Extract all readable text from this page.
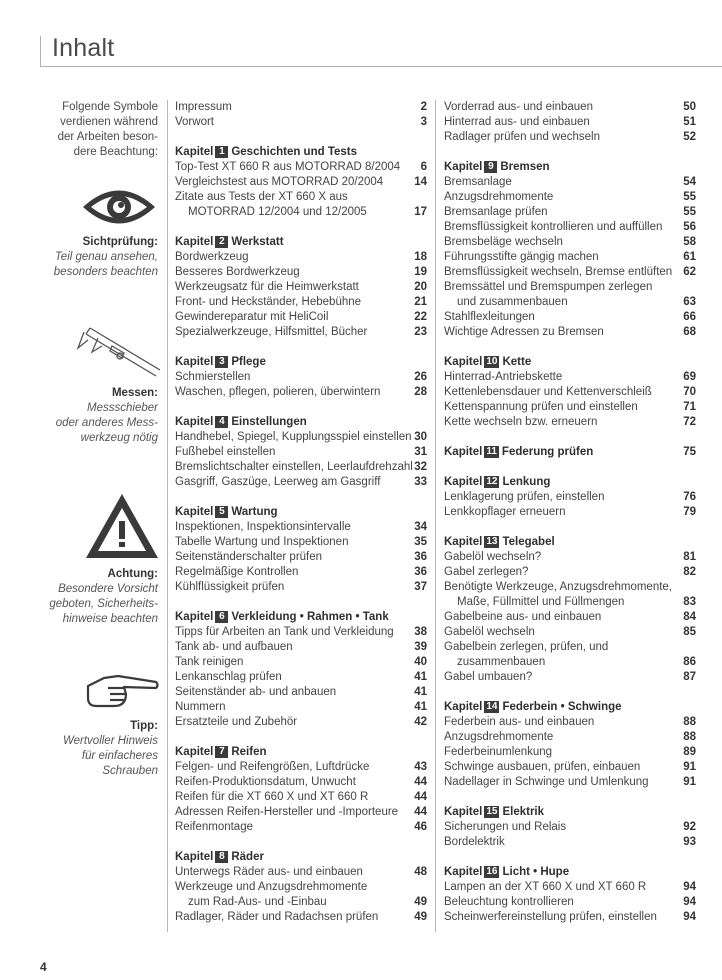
Inhalt
Folgende Symbole
verdienen während
der Arbeiten beson-
dere Beachtung:
Sichtprüfung:
Teil genau ansehen,
besonders beachten
Messen:
Messschieber
oder anderes Mess-
werkzeug nötig
Achtung:
Besondere Vorsicht
geboten, Sicherheits-
hinweise beachten
Tipp:
Wertvoller Hinweis
für einfacheres
Schrauben
Impressum	2
Vorwort	3
Kapitel 1 Geschichten und Tests
Top-Test XT 660 R aus MOTORRAD 8/2004 6
Vergleichstest aus MOTORRAD 20/2004	14
Zitate aus Tests der XT 660 X aus
MOTORRAD 12/2004 und 12/2005	17
Kapitel 2 Werkstatt
Bordwerkzeug	18
Besseres Bordwerkzeug	19
Werkzeugsatz für die Heimwerkstatt	20
Front- und Heckständer, Hebebühne	21
Gewindereparatur mit HeliCoil	22
Spezialwerkzeuge, Hilfsmittel, Bücher	23
Kapitel 3 Pflege
Schmierstellen	26
Waschen, pflegen, polieren, überwintern	28
Kapitel 4 Einstellungen
Handhebel, Spiegel, Kupplungsspiel einstellen 30
Fußhebel einstellen	31
Bremslichtschalter einstellen, Leerlaufdrehzahl 32
Gasgriff, Gaszüge, Leerweg am Gasgriff	33
Kapitel 5 Wartung
Inspektionen, Inspektionsintervalle	34
Tabelle Wartung und Inspektionen	35
Seitenständerschalter prüfen	36
Regelmäßige Kontrollen	36
Kühlflüssigkeit prüfen	37
Kapitel 6 Verkleidung • Rahmen • Tank
Tipps für Arbeiten an Tank und Verkleidung 38
Tank ab- und aufbauen	39
Tank reinigen	40
Lenkanschlag prüfen	41
Seitenständer ab- und anbauen	41
Nummern	41
Ersatzteile und Zubehör	42
Kapitel 7 Reifen
Felgen- und Reifengrößen, Luftdrücke	43
Reifen-Produktionsdatum, Unwucht	44
Reifen für die XT 660 X und XT 660 R	44
Adressen Reifen-Hersteller und -Importeure 44
Reifenmontage	46
Kapitel 8 Räder
Unterwegs Räder aus- und einbauen	48
Werkzeuge und Anzugsdrehmomente
zum Rad-Aus- und -Einbau	49
Radlager, Räder und Radachsen prüfen	49
Vorderrad aus- und einbauen	50
Hinterrad aus- und einbauen	51
Radlager prüfen und wechseln	52
Kapitel 9 Bremsen
Bremsanlage	54
Anzugsdrehmomente	55
Bremsanlage prüfen	55
Bremsflüssigkeit kontrollieren und auffüllen 56
Bremsbeläge wechseln	58
Führungsstifte gängig machen	61
Bremsflüssigkeit wechseln, Bremse entlüften 62
Bremssättel und Bremspumpen zerlegen
und zusammenbauen	63
Stahlflexleitungen	66
Wichtige Adressen zu Bremsen	68
Kapitel 10 Kette
Hinterrad-Antriebskette	69
Kettenlebensdauer und Kettenverschleiß	70
Kettenspannung prüfen und einstellen	71
Kette wechseln bzw. erneuern	72
Kapitel 11 Federung prüfen	75
Kapitel 12 Lenkung
Lenklagerung prüfen, einstellen	76
Lenkkopflager erneuern	79
Kapitel 13 Telegabel
Gabelöl wechseln?	81
Gabel zerlegen?	82
Benötigte Werkzeuge, Anzugsdrehmomente,
Maße, Füllmittel und Füllmengen	83
Gabelbeine aus- und einbauen	84
Gabelöl wechseln	85
Gabelbein zerlegen, prüfen, und
zusammenbauen	86
Gabel umbauen?	87
Kapitel 14 Federbein • Schwinge
Federbein aus- und einbauen	88
Anzugsdrehmomente	88
Federbeinumlenkung	89
Schwinge ausbauen, prüfen, einbauen	91
Nadellager in Schwinge und Umlenkung	91
Kapitel 15 Elektrik
Sicherungen und Relais	92
Bordelektrik	93
Kapitel 16 Licht • Hupe
Lampen an der XT 660 X und XT 660 R	94
Beleuchtung kontrollieren	94
Scheinwerfereinstellung prüfen, einstellen 94
4
